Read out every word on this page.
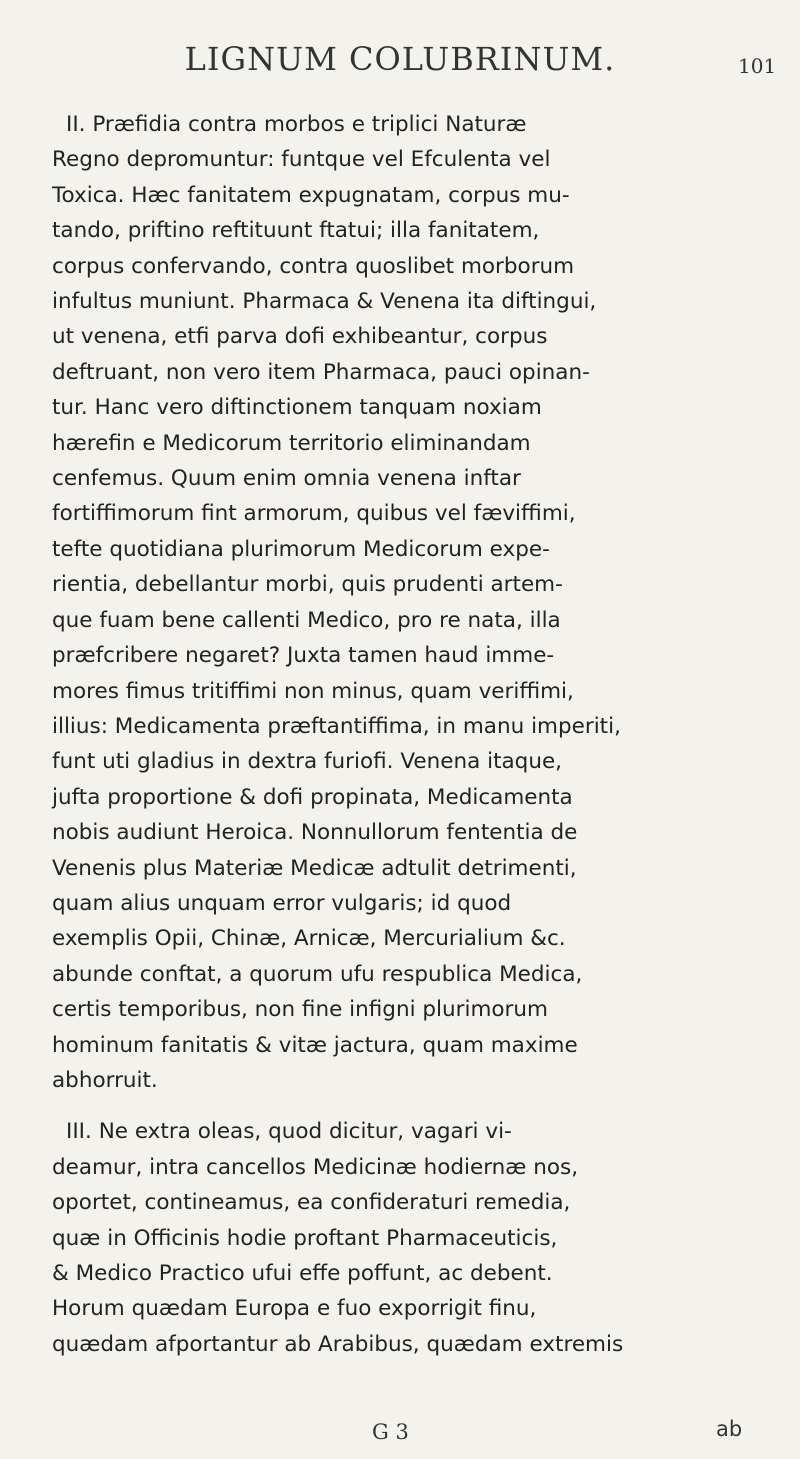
LIGNUM COLUBRINUM.	101

II. Præfidia contra morbos e triplici Naturæ

Regno depromuntur: funtque vel Efculenta vel

Toxica. Hæc fanitatem expugnatam, corpus mu-

tando, priftino reftituunt ftatui; illa fanitatem,

corpus confervando, contra quoslibet morborum

infultus muniunt. Pharmaca & Venena ita diftingui,

ut venena, etfi parva dofi exhibeantur, corpus

deftruant, non vero item Pharmaca, pauci opinan-

tur. Hanc vero diftinctionem tanquam noxiam

hærefin e Medicorum territorio eliminandam

cenfemus. Quum enim omnia venena inftar

fortiffimorum fint armorum, quibus vel fæviffimi,

tefte quotidiana plurimorum Medicorum expe-

rientia, debellantur morbi, quis prudenti artem-

que fuam bene callenti Medico, pro re nata, illa

præfcribere negaret? Juxta tamen haud imme-

mores fimus tritiffimi non minus, quam veriffimi,

illius: Medicamenta præftantiffima, in manu imperiti,

funt uti gladius in dextra furiofi. Venena itaque,

jufta proportione & dofi propinata, Medicamenta

nobis audiunt Heroica. Nonnullorum fententia de

Venenis plus Materiæ Medicæ adtulit detrimenti,

quam alius unquam error vulgaris; id quod

exemplis Opii, Chinæ, Arnicæ, Mercurialium &c.

abunde conftat, a quorum ufu respublica Medica,

certis temporibus, non fine infigni plurimorum

hominum fanitatis & vitæ jactura, quam maxime

abhorruit.

III. Ne extra oleas, quod dicitur, vagari vi-

deamur, intra cancellos Medicinæ hodiernæ nos,

oportet, contineamus, ea confideraturi remedia,

quæ in Officinis hodie proftant Pharmaceuticis,

& Medico Practico ufui effe poffunt, ac debent.

Horum quædam Europa e fuo exporrigit finu,

quædam afportantur ab Arabibus, quædam extremis

G 3	ab
